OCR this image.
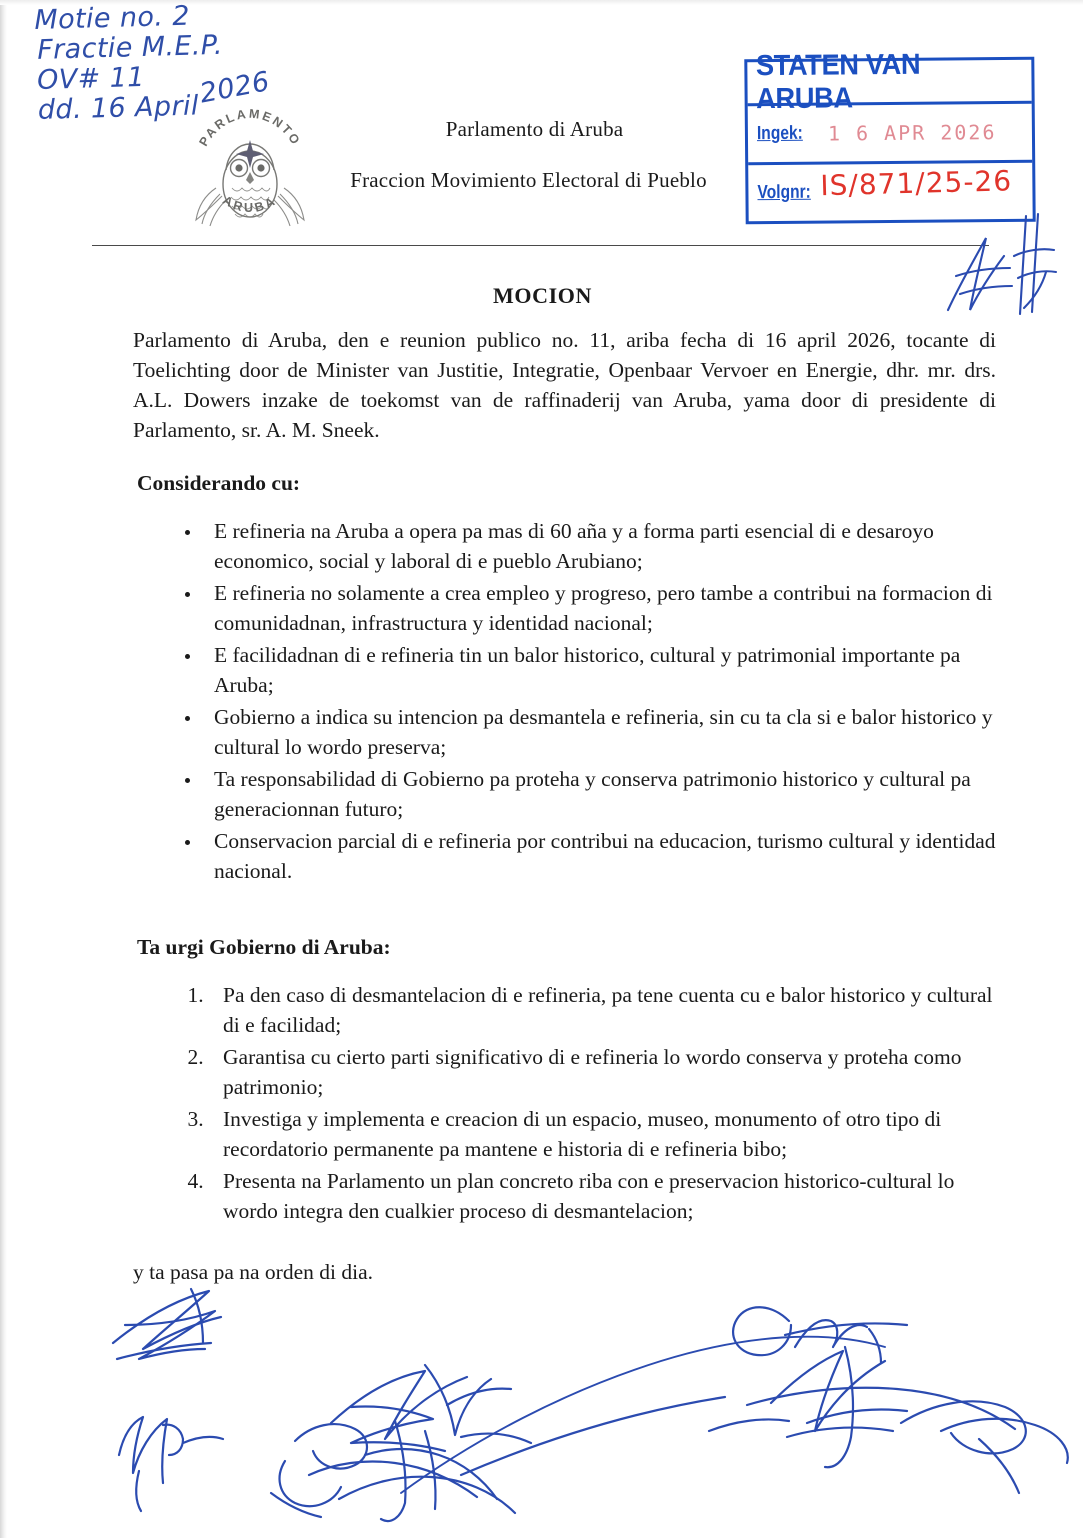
Motie no. 2
Fractie M.E.P.
OV# 11
dd. 16 April2026
PARLAMENTO
ARUBA
Parlamento di Aruba
Fraccion Movimiento Electoral di Pueblo
STATEN VAN ARUBA
Ingek: 1 6 APR 2026
Volgnr: IS/871/25-26
MOCION
Parlamento di Aruba, den e reunion publico no. 11, ariba fecha di 16 april 2026, tocante di Toelichting door de Minister van Justitie, Integratie, Openbaar Vervoer en Energie, dhr. mr. drs. A.L. Dowers inzake de toekomst van de raffinaderij van Aruba, yama door di presidente di Parlamento, sr. A. M. Sneek.
Considerando cu:
• E refineria na Aruba a opera pa mas di 60 aña y a forma parti esencial di e desaroyo economico, social y laboral di e pueblo Arubiano;
• E refineria no solamente a crea empleo y progreso, pero tambe a contribui na formacion di comunidadnan, infrastructura y identidad nacional;
• E facilidadnan di e refineria tin un balor historico, cultural y patrimonial importante pa Aruba;
• Gobierno a indica su intencion pa desmantela e refineria, sin cu ta cla si e balor historico y cultural lo wordo preserva;
• Ta responsabilidad di Gobierno pa proteha y conserva patrimonio historico y cultural pa generacionnan futuro;
• Conservacion parcial di e refineria por contribui na educacion, turismo cultural y identidad nacional.
Ta urgi Gobierno di Aruba:
1. Pa den caso di desmantelacion di e refineria, pa tene cuenta cu e balor historico y cultural di e facilidad;
2. Garantisa cu cierto parti significativo di e refineria lo wordo conserva y proteha como patrimonio;
3. Investiga y implementa e creacion di un espacio, museo, monumento of otro tipo di recordatorio permanente pa mantene e historia di e refineria bibo;
4. Presenta na Parlamento un plan concreto riba con e preservacion historico-cultural lo wordo integra den cualkier proceso di desmantelacion;
y ta pasa pa na orden di dia.
